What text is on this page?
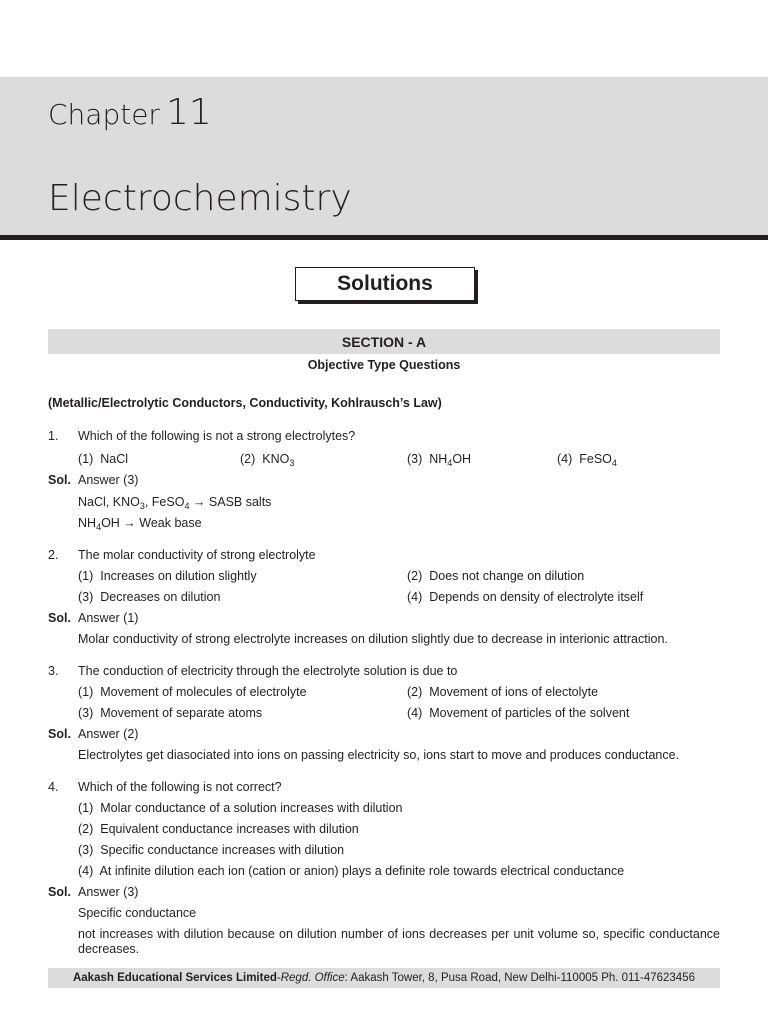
Chapter 11
Electrochemistry
Solutions
SECTION - A
Objective Type Questions
(Metallic/Electrolytic Conductors, Conductivity, Kohlrausch’s Law)
1. Which of the following is not a strong electrolytes?
(1) NaCl	(2) $KNO_3$	(3) $NH_4OH$	(4) FeSO$_4$
Sol. Answer (3)
NaCl, $KNO_3$, FeSO$_4$ → SASB salts
$NH_4OH$ → Weak base
2. The molar conductivity of strong electrolyte
(1) Increases on dilution slightly	(2) Does not change on dilution
(3) Decreases on dilution	(4) Depends on density of electrolyte itself
Sol. Answer (1)
Molar conductivity of strong electrolyte increases on dilution slightly due to decrease in interionic attraction.
3. The conduction of electricity through the electrolyte solution is due to
(1) Movement of molecules of electrolyte	(2) Movement of ions of electolyte
(3) Movement of separate atoms	(4) Movement of particles of the solvent
Sol. Answer (2)
Electrolytes get diasociated into ions on passing electricity so, ions start to move and produces conductance.
4. Which of the following is not correct?
(1) Molar conductance of a solution increases with dilution
(2) Equivalent conductance increases with dilution
(3) Specific conductance increases with dilution
(4) At infinite dilution each ion (cation or anion) plays a definite role towards electrical conductance
Sol. Answer (3)
Specific conductance
not increases with dilution because on dilution number of ions decreases per unit volume so, specific conductance decreases.
Aakash Educational Services Limited - Regd. Office : Aakash Tower, 8, Pusa Road, New Delhi-110005 Ph. 011-47623456
